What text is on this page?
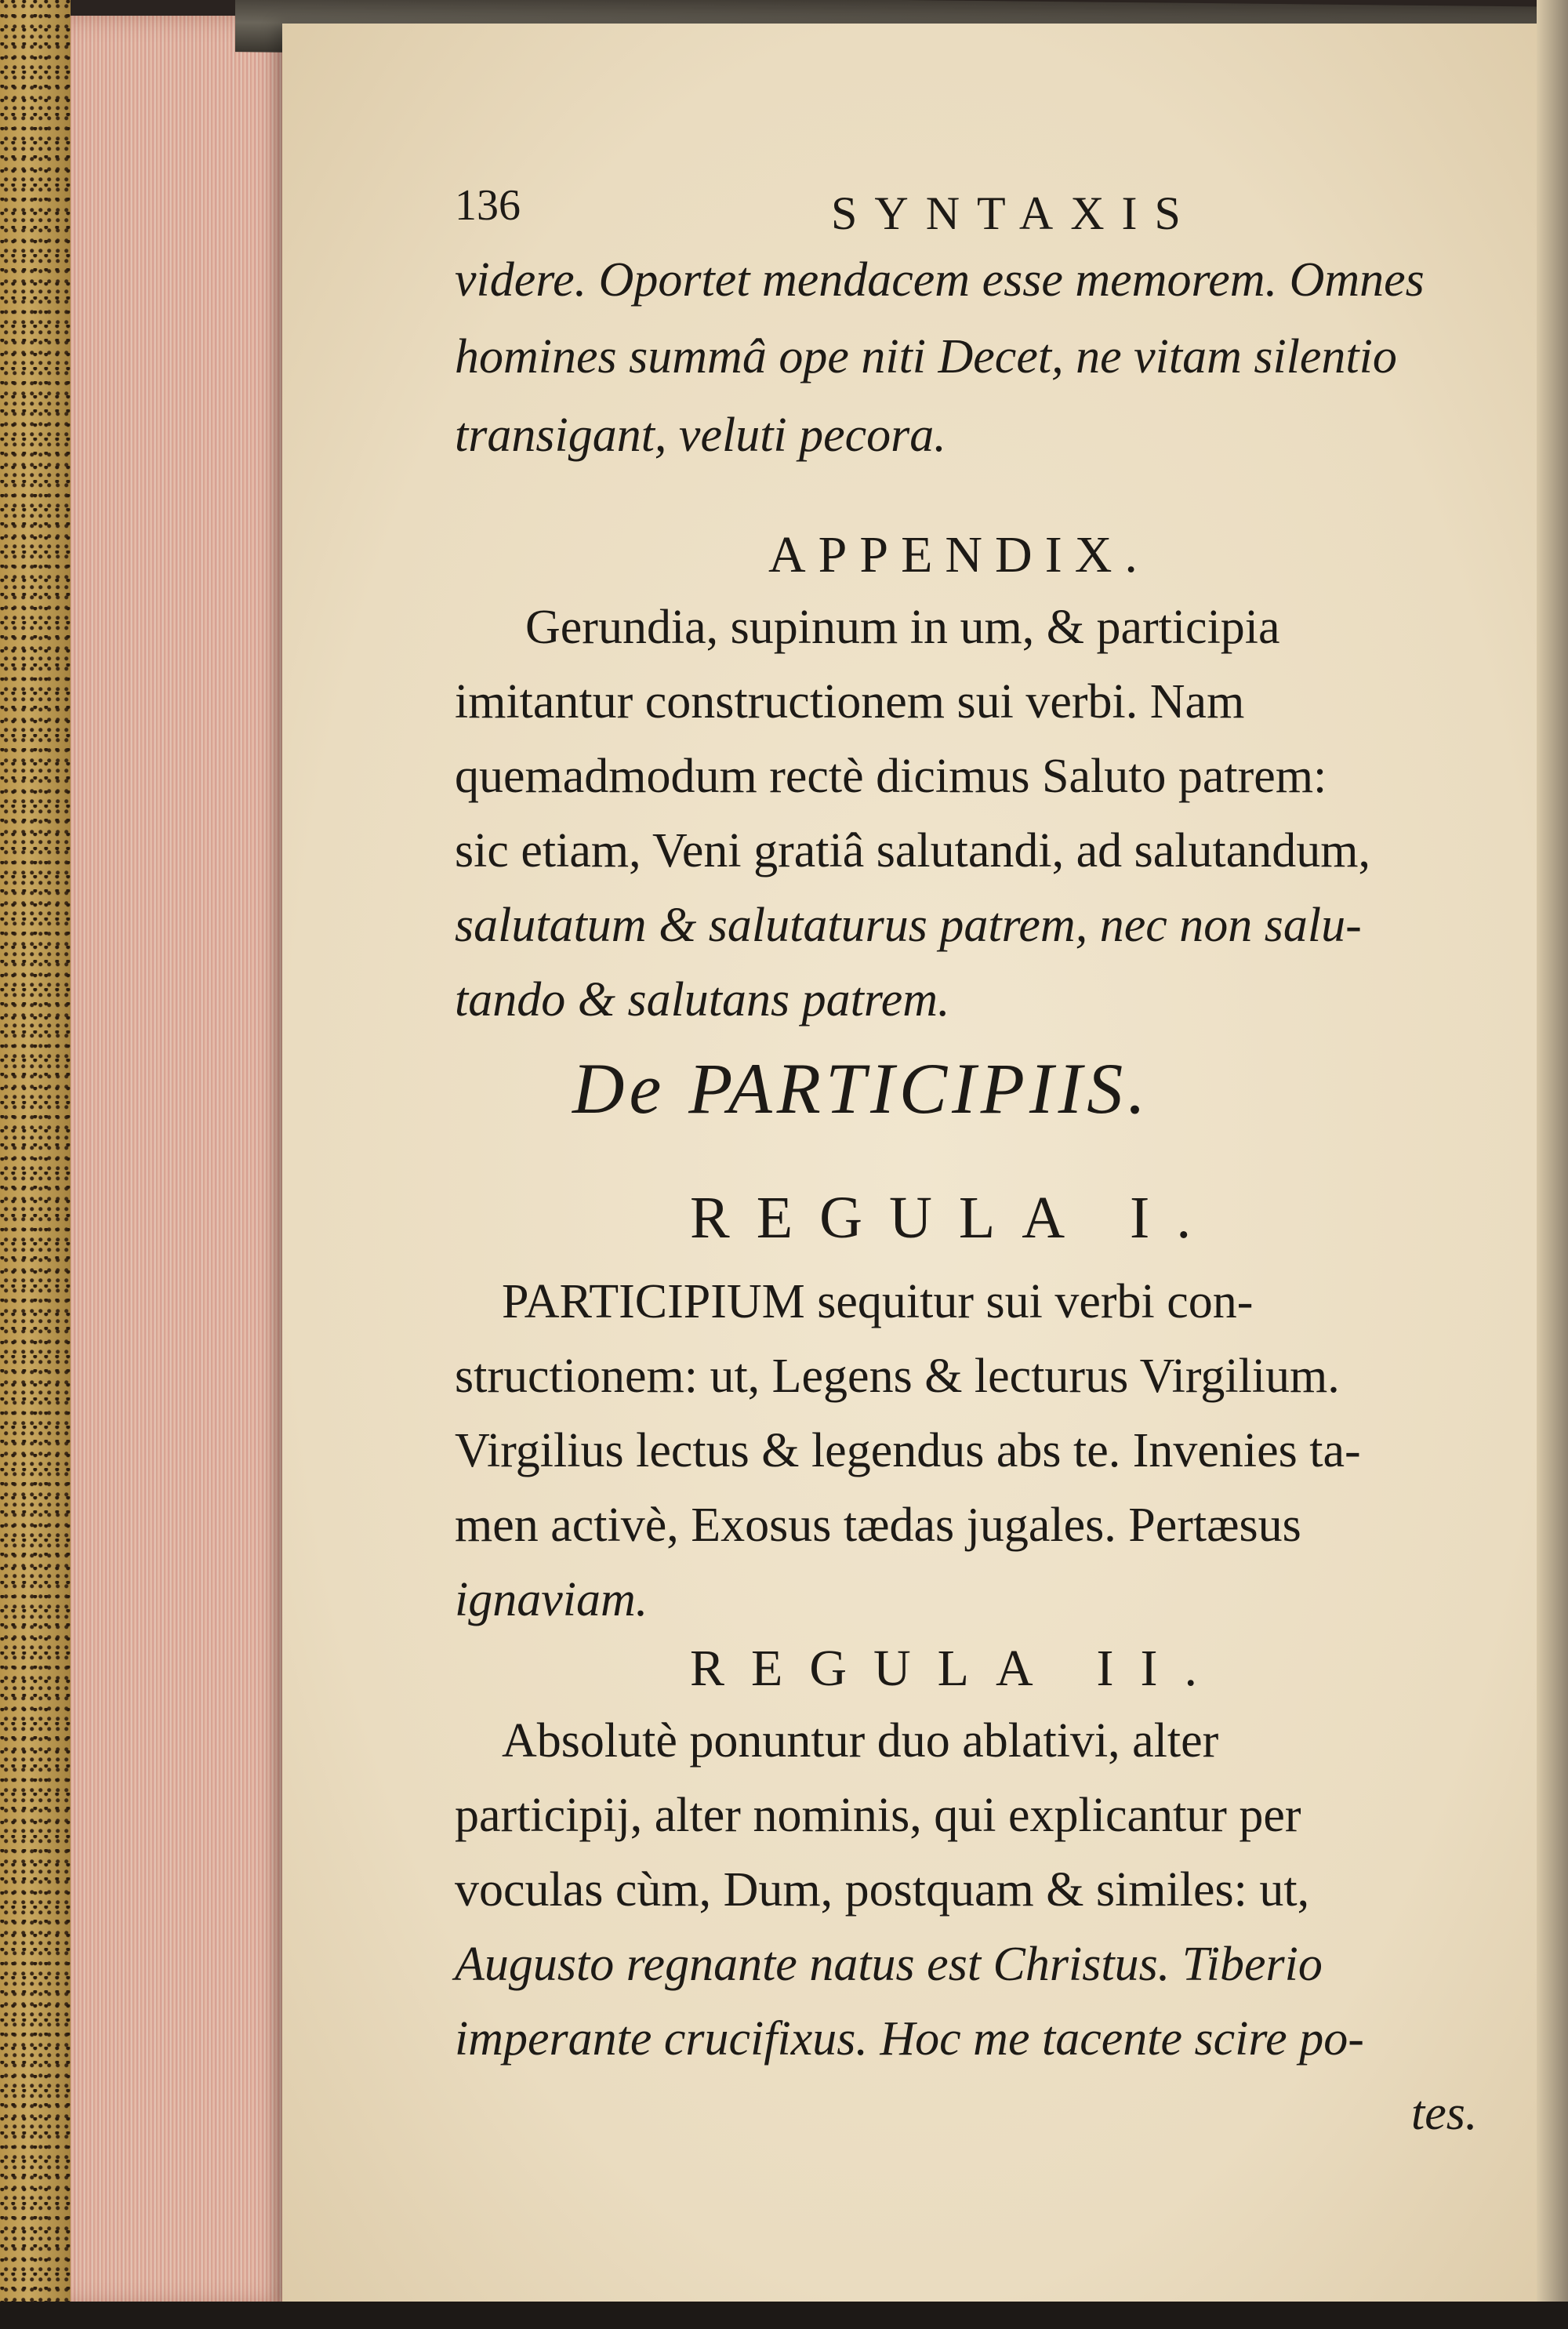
136	SYNTAXIS
videre. Oportet mendacem esse memorem. Omnes
homines summâ ope niti Decet, ne vitam silentio
transigant, veluti pecora.
APPENDIX.
Gerundia, supinum in um, & participia
imitantur constructionem sui verbi. Nam
quemadmodum rectè dicimus Saluto patrem:
sic etiam, Veni gratiâ salutandi, ad salutandum,
salutatum & salutaturus patrem, nec non salu-
tando & salutans patrem.
De PARTICIPIIS.
REGULA I.
PARTICIPIUM sequitur sui verbi con-
structionem: ut, Legens & lecturus Virgilium.
Virgilius lectus & legendus abs te. Invenies ta-
men activè, Exosus tædas jugales. Pertæsus
ignaviam.
REGULA II.
Absolutè ponuntur duo ablativi, alter
participij, alter nominis, qui explicantur per
voculas cùm, Dum, postquam & similes: ut,
Augusto regnante natus est Christus. Tiberio
imperante crucifixus. Hoc me tacente scire po-
tes.
